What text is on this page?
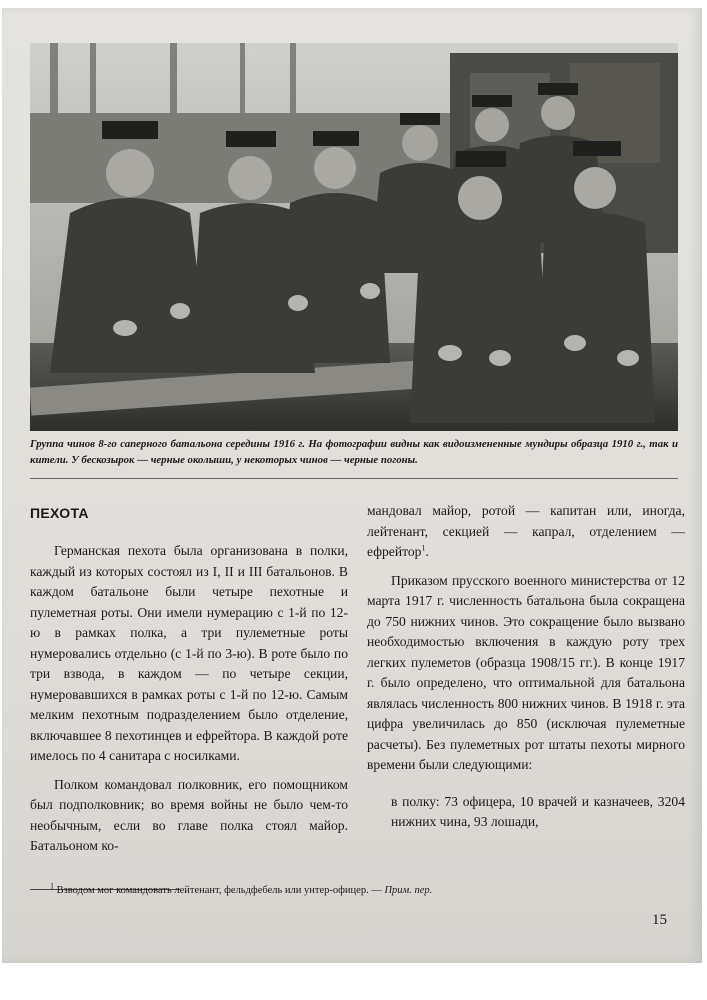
Группа чинов 8-го саперного батальона середины 1916 г. На фотографии видны как видоизмененные мундиры образца 1910 г., так и кители. У бескозырок — черные околыши, у некоторых чинов — черные погоны.
ПЕХОТА

Германская пехота была организована в полки, каждый из которых состоял из I, II и III батальонов. В каждом батальоне были четыре пехотные и пулеметная роты. Они имели нумерацию с 1-й по 12-ю в рамках полка, а три пулеметные роты нумеровались отдельно (с 1-й по 3-ю). В роте было по три взвода, в каждом — по четыре секции, нумеровавшихся в рамках роты с 1-й по 12-ю. Самым мелким пехотным подразделением было отделение, включавшее 8 пехотинцев и ефрейтора. В каждой роте имелось по 4 санитара с носилками.

Полком командовал полковник, его помощником был подполковник; во время войны не было чем-то необычным, если во главе полка стоял майор. Батальоном ко-

мандовал майор, ротой — капитан или, иногда, лейтенант, секцией — капрал, отделением — ефрейтор$^1$.

Приказом прусского военного министерства от 12 марта 1917 г. численность батальона была сокращена до 750 нижних чинов. Это сокращение было вызвано необходимостью включения в каждую роту трех легких пулеметов (образца 1908/15 гг.). В конце 1917 г. было определено, что оптимальной для батальона являлась численность 800 нижних чинов. В 1918 г. эта цифра увеличилась до 850 (исключая пулеметные расчеты). Без пулеметных рот штаты пехоты мирного времени были следующими:

в полку: 73 офицера, 10 врачей и казначеев, 3204 нижних чина, 93 лошади,

$^1$ Взводом мог командовать лейтенант, фельдфебель или унтер-офицер. — Прим. пер.
15
